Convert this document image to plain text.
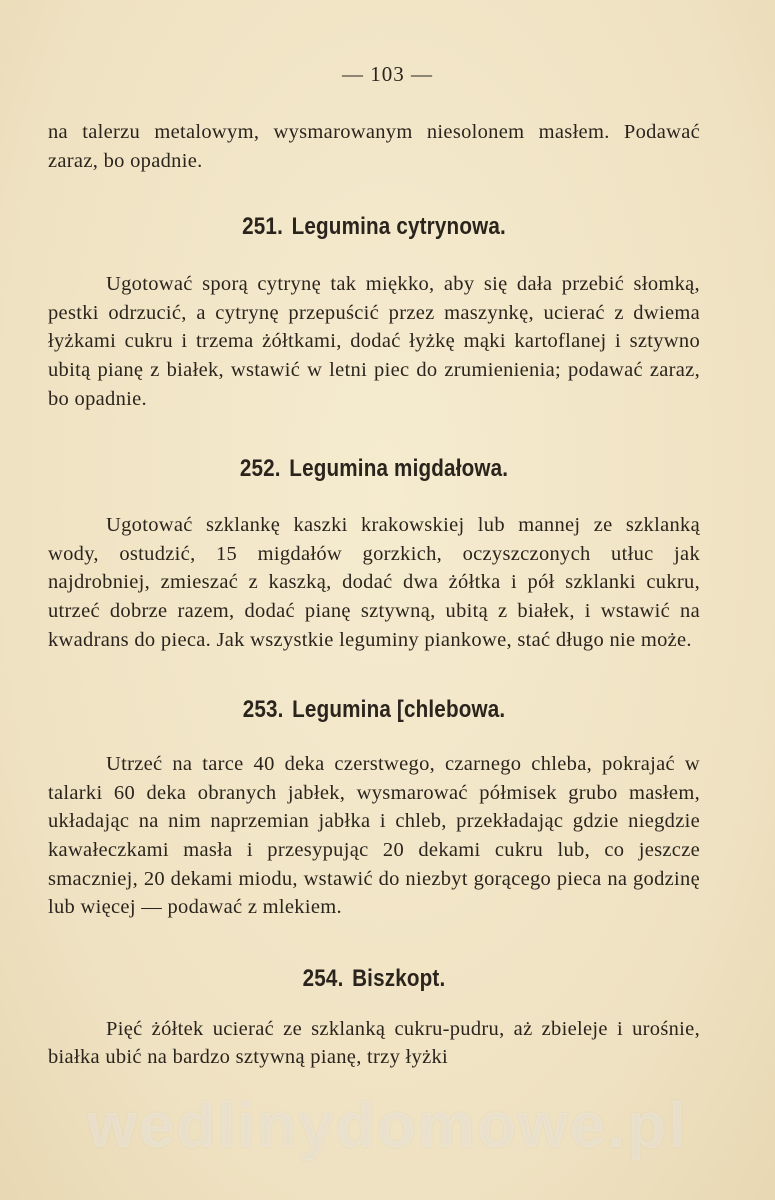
— 103 —

na talerzu metalowym, wysmarowanym niesolonem masłem. Podawać zaraz, bo opadnie.

251. Legumina cytrynowa.

Ugotować sporą cytrynę tak miękko, aby się dała przebić słomką, pestki odrzucić, a cytrynę przepuścić przez maszynkę, ucierać z dwiema łyżkami cukru i trzema żółtkami, dodać łyżkę mąki kartoflanej i sztywno ubitą pianę z białek, wstawić w letni piec do zrumienienia; podawać zaraz, bo opadnie.

252. Legumina migdałowa.

Ugotować szklankę kaszki krakowskiej lub mannej ze szklanką wody, ostudzić, 15 migdałów gorzkich, oczyszczonych utłuc jak najdrobniej, zmieszać z kaszką, dodać dwa żółtka i pół szklanki cukru, utrzeć dobrze razem, dodać pianę sztywną, ubitą z białek, i wstawić na kwadrans do pieca. Jak wszystkie leguminy piankowe, stać długo nie może.

253. Legumina [chlebowa.

Utrzeć na tarce 40 deka czerstwego, czarnego chleba, pokrajać w talarki 60 deka obranych jabłek, wysmarować półmisek grubo masłem, układając na nim naprzemian jabłka i chleb, przekładając gdzie niegdzie kawałeczkami masła i przesypując 20 dekami cukru lub, co jeszcze smaczniej, 20 dekami miodu, wstawić do niezbyt gorącego pieca na godzinę lub więcej — podawać z mlekiem.

254. Biszkopt.

Pięć żółtek ucierać ze szklanką cukru-pudru, aż zbieleje i urośnie, białka ubić na bardzo sztywną pianę, trzy łyżki

wedlinydomowe.pl
